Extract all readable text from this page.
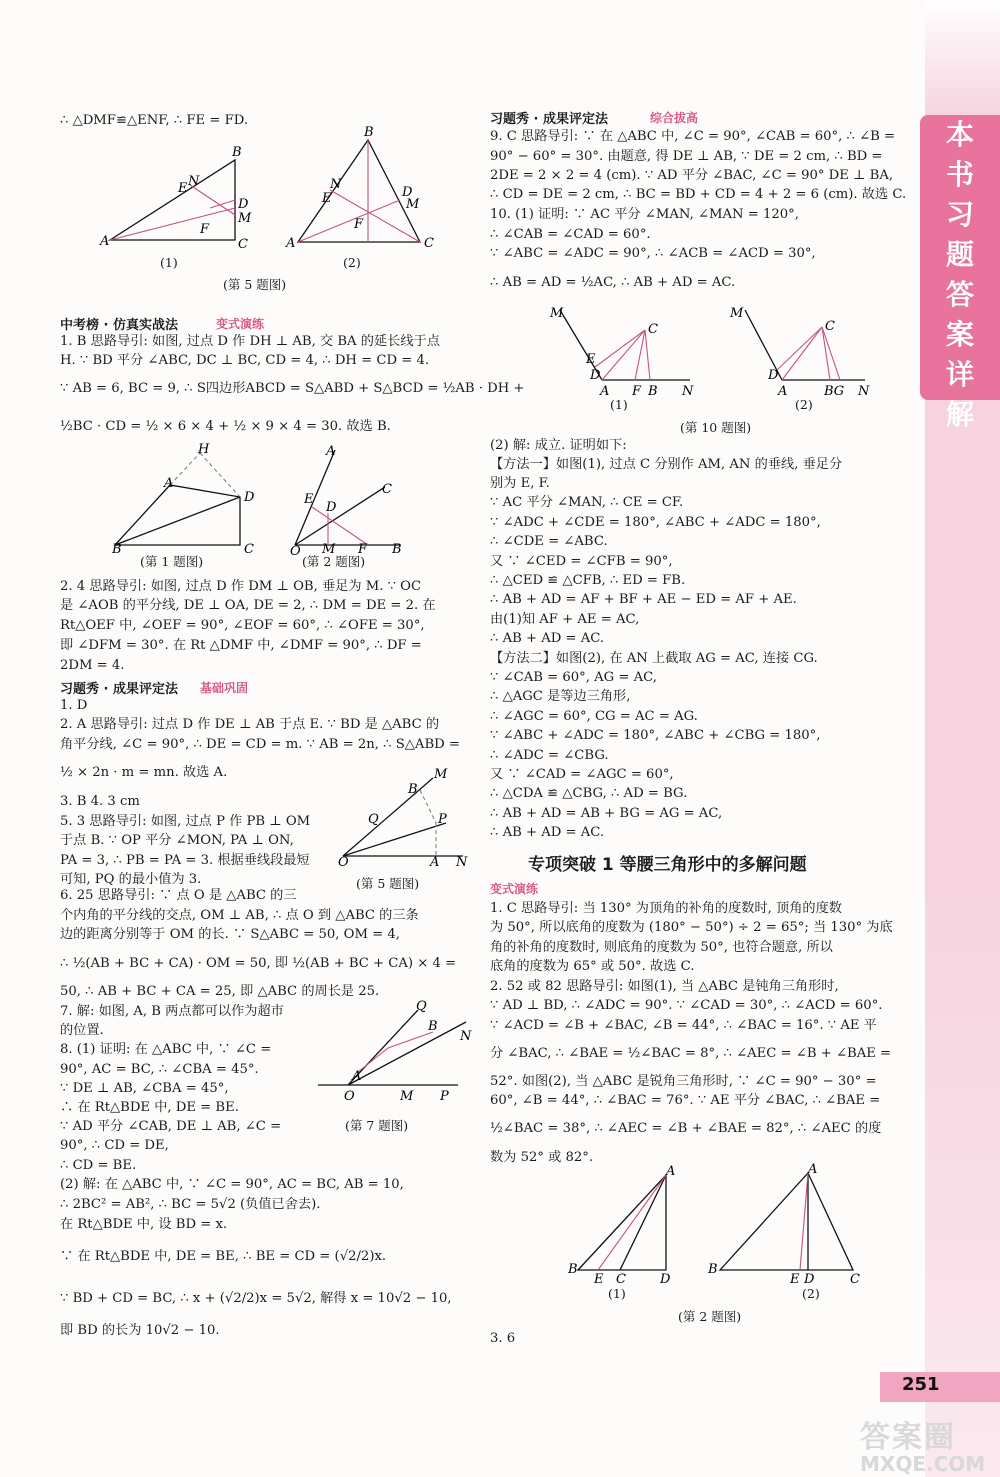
本
书
习
题
答
案
详
解
251
答案圈
MXQE.COM
∴ △DMF≌△ENF, ∴ FE = FD.
A
B
C
D
M
E N
F
A
B
C
D
M
E
N
F
(1)	(2)
(第 5 题图)
中考榜 · 仿真实战法	变式演练
1. B 思路导引: 如图, 过点 D 作 DH ⊥ AB, 交 BA 的延长线于点
H. ∵ BD 平分 ∠ABC, DC ⊥ BC, CD = 4, ∴ DH = CD = 4.
∵ AB = 6, BC = 9, ∴ S四边形ABCD = S△ABD + S△BCD = ½AB · DH +
½BC · CD = ½ × 6 × 4 + ½ × 9 × 4 = 30. 故选 B.
B
A
H
D
C	O
A
C
E
D
M F B
(第 1 题图)	(第 2 题图)
2. 4 思路导引: 如图, 过点 D 作 DM ⊥ OB, 垂足为 M. ∵ OC
是 ∠AOB 的平分线, DE ⊥ OA, DE = 2, ∴ DM = DE = 2. 在
Rt△OEF 中, ∠OEF = 90°, ∠EOF = 60°, ∴ ∠OFE = 30°,
即 ∠DFM = 30°. 在 Rt △DMF 中, ∠DMF = 90°, ∴ DF =
2DM = 4.
习题秀 · 成果评定法 基础巩固
1. D
2. A 思路导引: 过点 D 作 DE ⊥ AB 于点 E. ∵ BD 是 △ABC 的
角平分线, ∠C = 90°, ∴ DE = CD = m. ∵ AB = 2n, ∴ S△ABD =
½ × 2n · m = mn. 故选 A.
3. B 4. 3 cm
5. 3 思路导引: 如图, 过点 P 作 PB ⊥ OM
于点 B. ∵ OP 平分 ∠MON, PA ⊥ ON,
PA = 3, ∴ PB = PA = 3. 根据垂线段最短
可知, PQ 的最小值为 3.
O
B
M
Q	P
A N
(第 5 题图)
6. 25 思路导引: ∵ 点 O 是 △ABC 的三
个内角的平分线的交点, OM ⊥ AB, ∴ 点 O 到 △ABC 的三条
边的距离分别等于 OM 的长. ∵ S△ABC = 50, OM = 4,
∴ ½(AB + BC + CA) · OM = 50, 即 ½(AB + BC + CA) × 4 =
50, ∴ AB + BC + CA = 25, 即 △ABC 的周长是 25.
7. 解: 如图, A, B 两点都可以作为超市
的位置.
O
Q
N
B
A
M P
(第 7 题图)
8. (1) 证明: 在 △ABC 中, ∵ ∠C =
90°, AC = BC, ∴ ∠CBA = 45°.
∵ DE ⊥ AB, ∠CBA = 45°,
∴ 在 Rt△BDE 中, DE = BE.
∵ AD 平分 ∠CAB, DE ⊥ AB, ∠C =
90°, ∴ CD = DE,
∴ CD = BE.
(2) 解: 在 △ABC 中, ∵ ∠C = 90°, AC = BC, AB = 10,
∴ 2BC² = AB², ∴ BC = 5√2 (负值已舍去).
在 Rt△BDE 中, 设 BD = x.
∵ 在 Rt△BDE 中, DE = BE, ∴ BE = CD = (√2/2)x.
∵ BD + CD = BC, ∴ x + (√2/2)x = 5√2, 解得 x = 10√2 − 10,
即 BD 的长为 10√2 − 10.
习题秀 · 成果评定法	综合拔高
9. C 思路导引: ∵ 在 △ABC 中, ∠C = 90°, ∠CAB = 60°, ∴ ∠B =
90° − 60° = 30°. 由题意, 得 DE ⊥ AB, ∵ DE = 2 cm, ∴ BD =
2DE = 2 × 2 = 4 (cm). ∵ AD 平分 ∠BAC, ∠C = 90° DE ⊥ BA,
∴ CD = DE = 2 cm, ∴ BC = BD + CD = 4 + 2 = 6 (cm). 故选 C.
10. (1) 证明: ∵ AC 平分 ∠MAN, ∠MAN = 120°,
∴ ∠CAB = ∠CAD = 60°.
∵ ∠ABC = ∠ADC = 90°, ∴ ∠ACB = ∠ACD = 30°,
∴ AB = AD = ½AC, ∴ AB + AD = AC.
M
C
E
D
A F B N
M
C
D
A	BG N
(1)	(2)
(第 10 题图)
(2) 解: 成立. 证明如下:
【方法一】如图(1), 过点 C 分别作 AM, AN 的垂线, 垂足分
别为 E, F.
∵ AC 平分 ∠MAN, ∴ CE = CF.
∵ ∠ADC + ∠CDE = 180°, ∠ABC + ∠ADC = 180°,
∴ ∠CDE = ∠ABC.
又 ∵ ∠CED = ∠CFB = 90°,
∴ △CED ≌ △CFB, ∴ ED = FB.
∴ AB + AD = AF + BF + AE − ED = AF + AE.
由(1)知 AF + AE = AC,
∴ AB + AD = AC.
【方法二】如图(2), 在 AN 上截取 AG = AC, 连接 CG.
∵ ∠CAB = 60°, AG = AC,
∴ △AGC 是等边三角形,
∴ ∠AGC = 60°, CG = AC = AG.
∵ ∠ABC + ∠ADC = 180°, ∠ABC + ∠CBG = 180°,
∴ ∠ADC = ∠CBG.
又 ∵ ∠CAD = ∠AGC = 60°,
∴ △CDA ≌ △CBG, ∴ AD = BG.
∴ AB + AD = AB + BG = AG = AC,
∴ AB + AD = AC.
专项突破 1 等腰三角形中的多解问题
变式演练
1. C 思路导引: 当 130° 为顶角的补角的度数时, 顶角的度数
为 50°, 所以底角的度数为 (180° − 50°) ÷ 2 = 65°; 当 130° 为底
角的补角的度数时, 则底角的度数为 50°, 也符合题意, 所以
底角的度数为 65° 或 50°. 故选 C.
2. 52 或 82 思路导引: 如图(1), 当 △ABC 是钝角三角形时,
∵ AD ⊥ BD, ∴ ∠ADC = 90°. ∵ ∠CAD = 30°, ∴ ∠ACD = 60°.
∵ ∠ACD = ∠B + ∠BAC, ∠B = 44°, ∴ ∠BAC = 16°. ∵ AE 平
分 ∠BAC, ∴ ∠BAE = ½∠BAC = 8°, ∴ ∠AEC = ∠B + ∠BAE =
52°. 如图(2), 当 △ABC 是锐角三角形时, ∵ ∠C = 90° − 30° =
60°, ∠B = 44°, ∴ ∠BAC = 76°. ∵ AE 平分 ∠BAC, ∴ ∠BAE =
½∠BAC = 38°, ∴ ∠AEC = ∠B + ∠BAE = 82°, ∴ ∠AEC 的度
数为 52° 或 82°.
B
A
E C	D
B
A
E D	C
(1)	(2)
(第 2 题图)
3. 6
